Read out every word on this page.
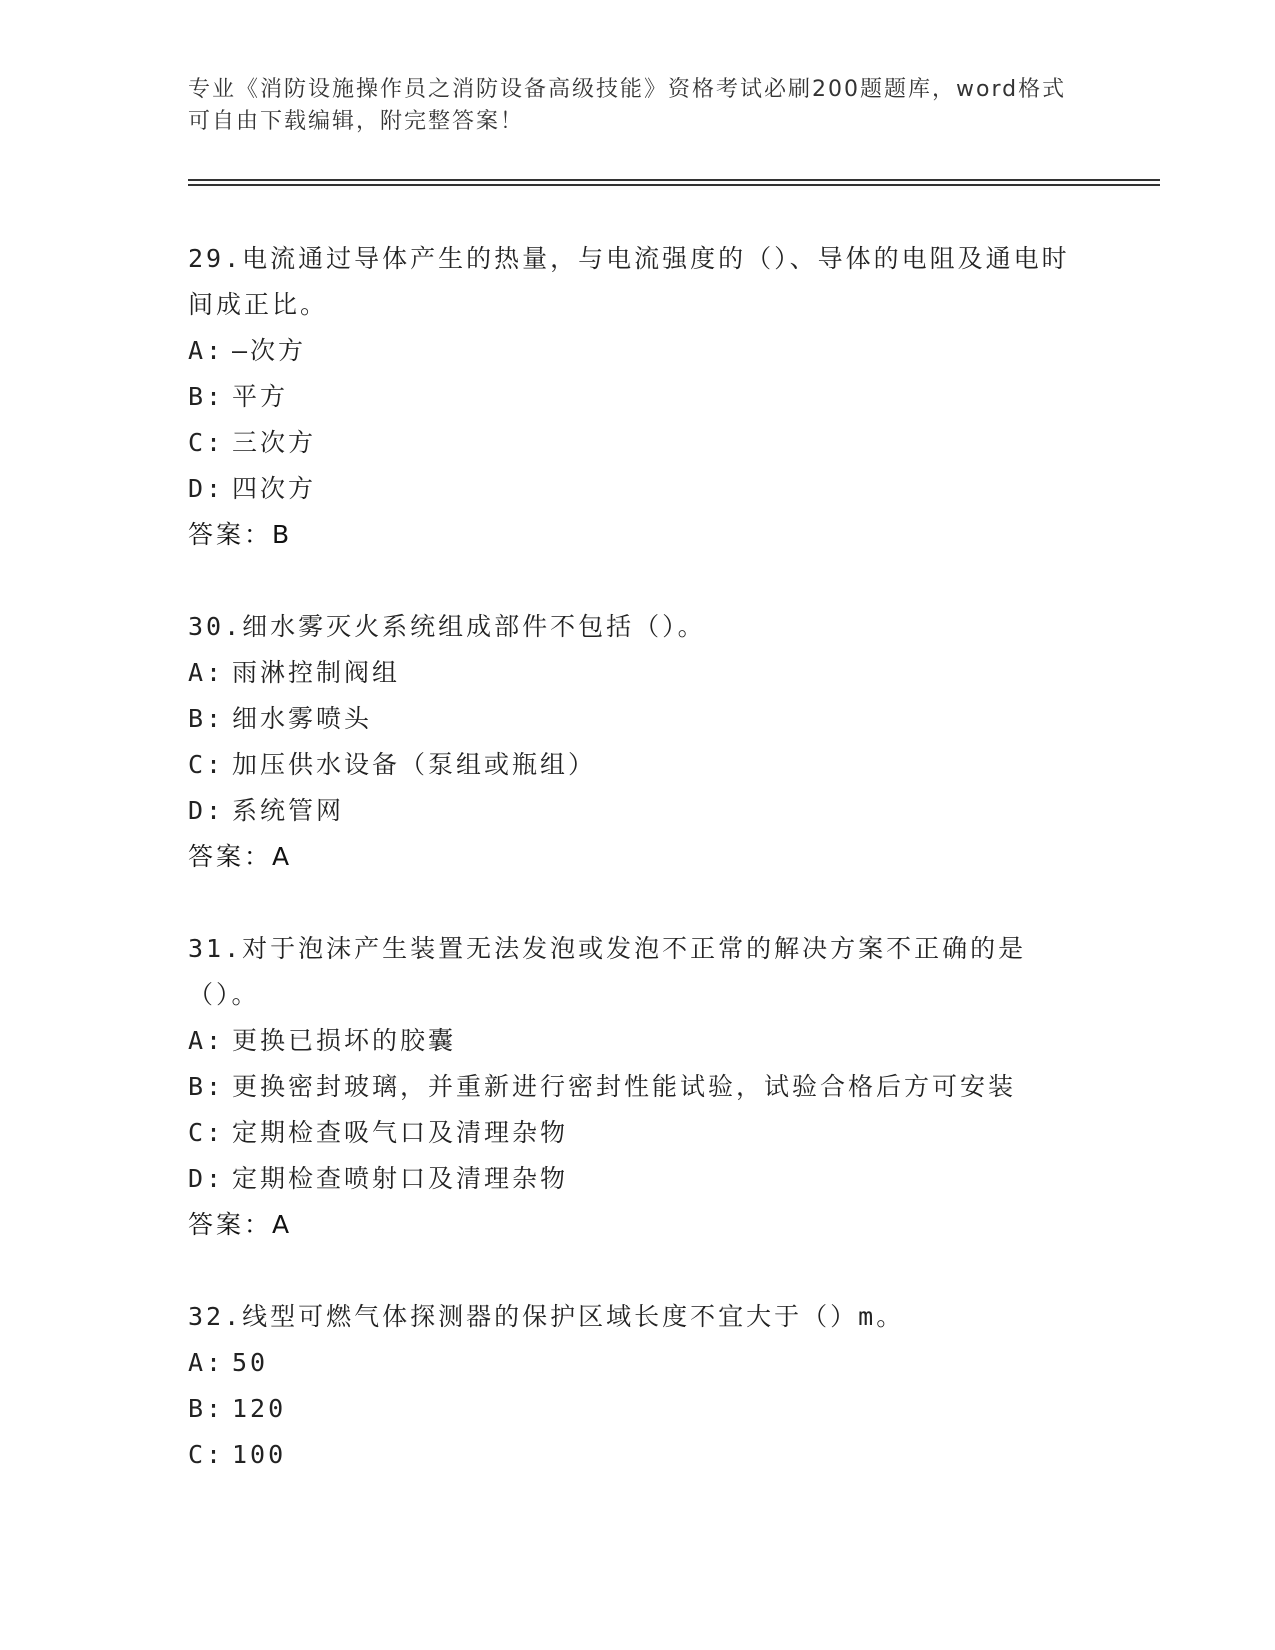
专业《消防设施操作员之消防设备高级技能》资格考试必刷200题题库，word格式可自由下载编辑，附完整答案！
29.电流通过导体产生的热量，与电流强度的（）、导体的电阻及通电时间成正比。
A: —次方
B: 平方
C: 三次方
D: 四次方
答案：B
30.细水雾灭火系统组成部件不包括（）。
A: 雨淋控制阀组
B: 细水雾喷头
C: 加压供水设备（泵组或瓶组）
D: 系统管网
答案：A
31.对于泡沫产生装置无法发泡或发泡不正常的解决方案不正确的是（）。
A: 更换已损坏的胶囊
B: 更换密封玻璃，并重新进行密封性能试验，试验合格后方可安装
C: 定期检查吸气口及清理杂物
D: 定期检查喷射口及清理杂物
答案：A
32.线型可燃气体探测器的保护区域长度不宜大于（）m。
A: 50
B: 120
C: 100
